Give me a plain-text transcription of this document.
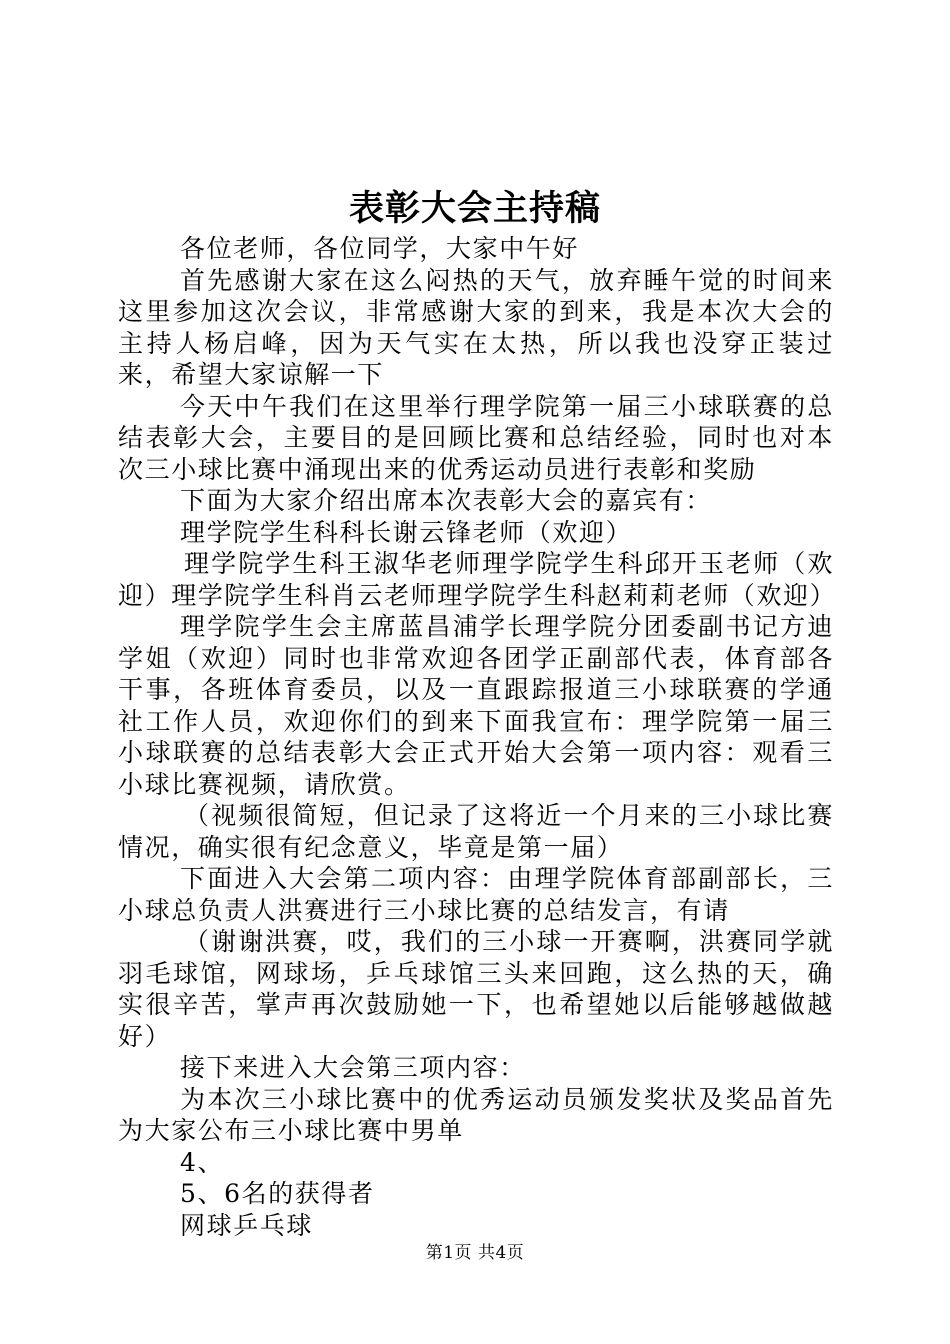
表彰大会主持稿

各位老师，各位同学，大家中午好

首先感谢大家在这么闷热的天气，放弃睡午觉的时间来这里参加这次会议，非常感谢大家的到来，我是本次大会的主持人杨启峰，因为天气实在太热，所以我也没穿正装过来，希望大家谅解一下

今天中午我们在这里举行理学院第一届三小球联赛的总结表彰大会，主要目的是回顾比赛和总结经验，同时也对本次三小球比赛中涌现出来的优秀运动员进行表彰和奖励

下面为大家介绍出席本次表彰大会的嘉宾有：

理学院学生科科长谢云锋老师（欢迎）

理学院学生科王淑华老师理学院学生科邱开玉老师（欢迎）理学院学生科肖云老师理学院学生科赵莉莉老师（欢迎）

理学院学生会主席蓝昌浦学长理学院分团委副书记方迪学姐（欢迎）同时也非常欢迎各团学正副部代表，体育部各干事，各班体育委员，以及一直跟踪报道三小球联赛的学通社工作人员，欢迎你们的到来下面我宣布：理学院第一届三小球联赛的总结表彰大会正式开始大会第一项内容：观看三小球比赛视频，请欣赏。

（视频很简短，但记录了这将近一个月来的三小球比赛情况，确实很有纪念意义，毕竟是第一届）

下面进入大会第二项内容：由理学院体育部副部长，三小球总负责人洪赛进行三小球比赛的总结发言，有请

（谢谢洪赛，哎，我们的三小球一开赛啊，洪赛同学就羽毛球馆，网球场，乒乓球馆三头来回跑，这么热的天，确实很辛苦，掌声再次鼓励她一下，也希望她以后能够越做越好）

接下来进入大会第三项内容：

为本次三小球比赛中的优秀运动员颁发奖状及奖品首先为大家公布三小球比赛中男单

4、

5、6名的获得者

网球乒乓球

第1页 共4页
